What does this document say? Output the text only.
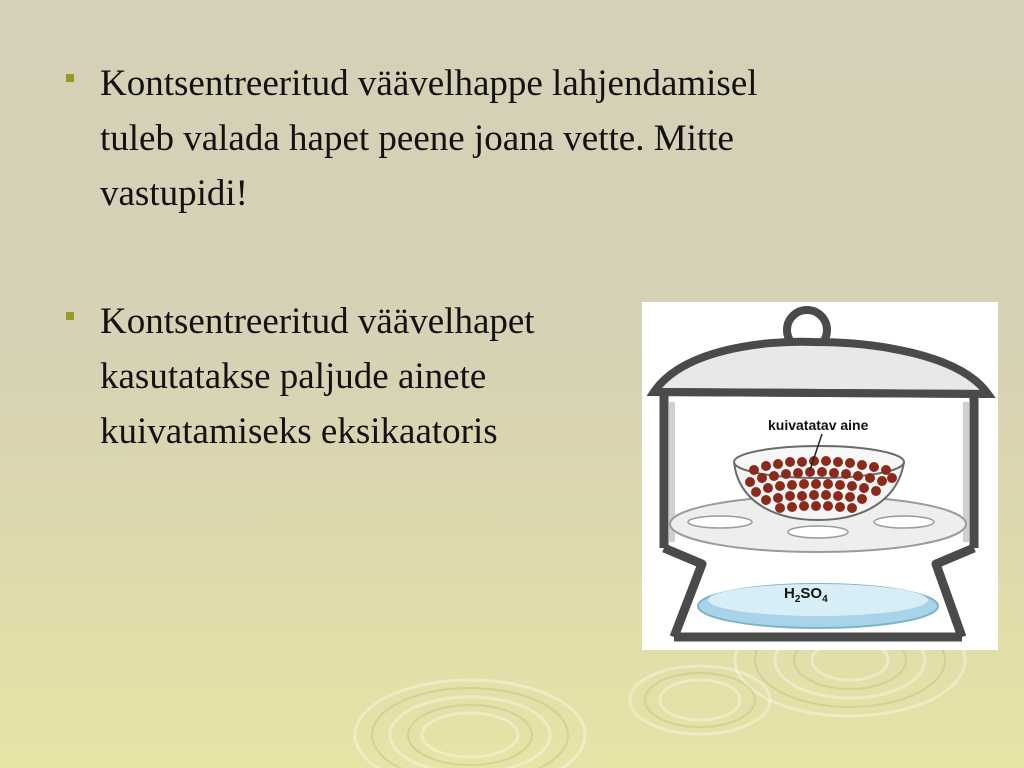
Kontsentreeritud väävelhappe lahjendamisel
tuleb valada hapet peene joana vette. Mitte
vastupidi!
Kontsentreeritud väävelhapet
kasutatakse paljude ainete
kuivatamiseks eksikaatoris	kuivatatav aine
$H_2SO_4$
